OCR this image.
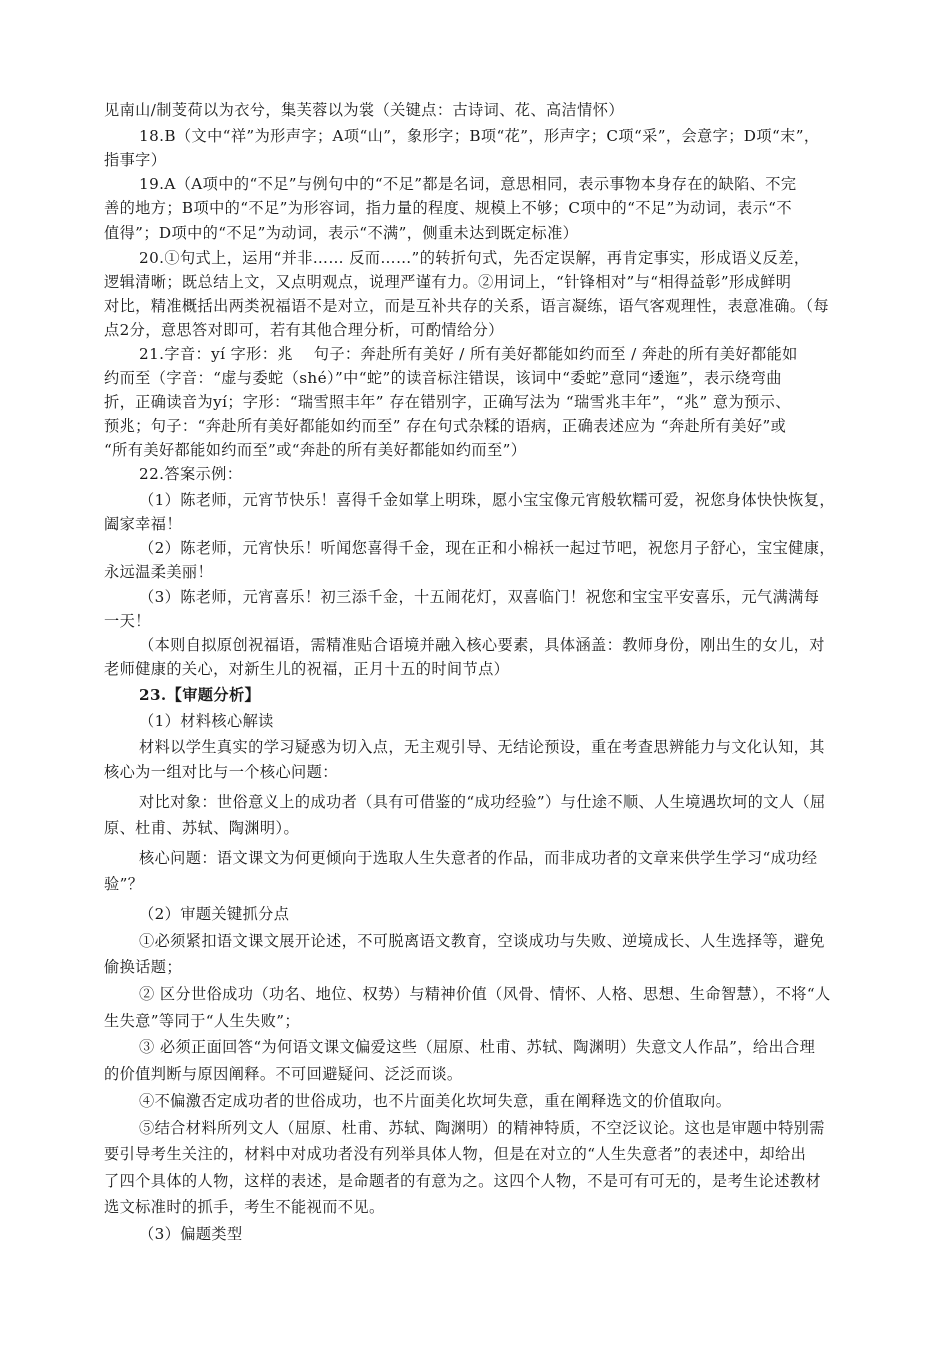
见南山/制芰荷以为衣兮，集芙蓉以为裳（关键点：古诗词、花、高洁情怀）
18.B（文中“祥”为形声字；A项“山”，象形字；B项“花”，形声字；C项“采”，会意字；D项“末”，
指事字）
19.A（A项中的“不足”与例句中的“不足”都是名词，意思相同，表示事物本身存在的缺陷、不完
善的地方；B项中的“不足”为形容词，指力量的程度、规模上不够；C项中的“不足”为动词，表示“不
值得”；D项中的“不足”为动词，表示“不满”，侧重未达到既定标准）
20.①句式上，运用“并非…… 反而……”的转折句式，先否定误解，再肯定事实，形成语义反差，
逻辑清晰；既总结上文，又点明观点，说理严谨有力。②用词上，“针锋相对”与“相得益彰”形成鲜明
对比，精准概括出两类祝福语不是对立，而是互补共存的关系，语言凝练，语气客观理性，表意准确。（每
点2分，意思答对即可，若有其他合理分析，可酌情给分）
21.字音：yí 字形：兆　 句子：奔赴所有美好 / 所有美好都能如约而至 / 奔赴的所有美好都能如
约而至（字音：“虚与委蛇（shé）”中“蛇”的读音标注错误，该词中“委蛇”意同“逶迤”，表示绕弯曲
折，正确读音为yí；字形：“瑞雪照丰年” 存在错别字，正确写法为 “瑞雪兆丰年”，“兆” 意为预示、
预兆；句子：“奔赴所有美好都能如约而至” 存在句式杂糅的语病，正确表述应为 “奔赴所有美好”或
“所有美好都能如约而至”或“奔赴的所有美好都能如约而至”）
22.答案示例：
（1）陈老师，元宵节快乐！喜得千金如掌上明珠，愿小宝宝像元宵般软糯可爱，祝您身体快快恢复，
阖家幸福！
（2）陈老师，元宵快乐！听闻您喜得千金，现在正和小棉袄一起过节吧，祝您月子舒心，宝宝健康，
永远温柔美丽！
（3）陈老师，元宵喜乐！初三添千金，十五闹花灯，双喜临门！祝您和宝宝平安喜乐，元气满满每
一天！
（本则自拟原创祝福语，需精准贴合语境并融入核心要素，具体涵盖：教师身份，刚出生的女儿，对
老师健康的关心，对新生儿的祝福，正月十五的时间节点）
23.【审题分析】
（1）材料核心解读
材料以学生真实的学习疑惑为切入点，无主观引导、无结论预设，重在考查思辨能力与文化认知，其
核心为一组对比与一个核心问题：
对比对象：世俗意义上的成功者（具有可借鉴的“成功经验”）与仕途不顺、人生境遇坎坷的文人（屈
原、杜甫、苏轼、陶渊明）。
核心问题：语文课文为何更倾向于选取人生失意者的作品，而非成功者的文章来供学生学习“成功经
验”？
（2）审题关键抓分点
①必须紧扣语文课文展开论述，不可脱离语文教育，空谈成功与失败、逆境成长、人生选择等，避免
偷换话题；
② 区分世俗成功（功名、地位、权势）与精神价值（风骨、情怀、人格、思想、生命智慧），不将“人
生失意”等同于“人生失败”；
③ 必须正面回答“为何语文课文偏爱这些（屈原、杜甫、苏轼、陶渊明）失意文人作品”，给出合理
的价值判断与原因阐释。不可回避疑问、泛泛而谈。
④不偏激否定成功者的世俗成功，也不片面美化坎坷失意，重在阐释选文的价值取向。
⑤结合材料所列文人（屈原、杜甫、苏轼、陶渊明）的精神特质，不空泛议论。这也是审题中特别需
要引导考生关注的，材料中对成功者没有列举具体人物，但是在对立的“人生失意者”的表述中，却给出
了四个具体的人物，这样的表述，是命题者的有意为之。这四个人物，不是可有可无的，是考生论述教材
选文标准时的抓手，考生不能视而不见。
（3）偏题类型
